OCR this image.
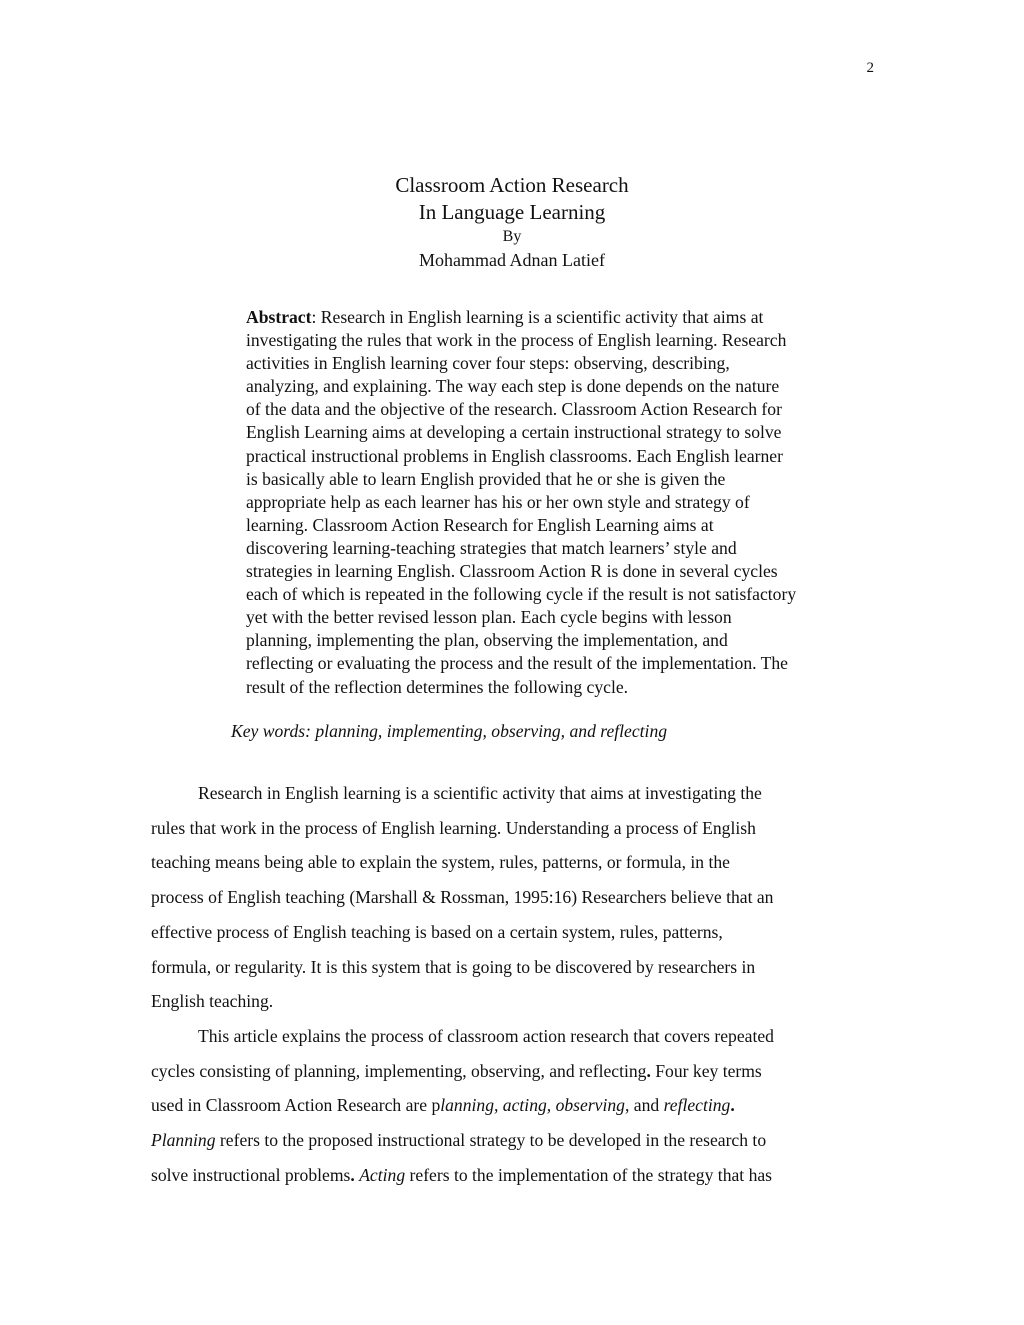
2
Classroom Action Research
In Language Learning
By
Mohammad Adnan Latief
Abstract: Research in English learning is a scientific activity that aims at
investigating the rules that work in the process of English learning. Research
activities in English learning cover four steps: observing, describing,
analyzing, and explaining. The way each step is done depends on the nature
of the data and the objective of the research. Classroom Action Research for
English Learning aims at developing a certain instructional strategy to solve
practical instructional problems in English classrooms. Each English learner
is basically able to learn English provided that he or she is given the
appropriate help as each learner has his or her own style and strategy of
learning. Classroom Action Research for English Learning aims at
discovering learning-teaching strategies that match learners’ style and
strategies in learning English. Classroom Action R is done in several cycles
each of which is repeated in the following cycle if the result is not satisfactory
yet with the better revised lesson plan. Each cycle begins with lesson
planning, implementing the plan, observing the implementation, and
reflecting or evaluating the process and the result of the implementation. The
result of the reflection determines the following cycle.
Key words: planning, implementing, observing, and reflecting
Research in English learning is a scientific activity that aims at investigating the
rules that work in the process of English learning. Understanding a process of English
teaching means being able to explain the system, rules, patterns, or formula, in the
process of English teaching (Marshall & Rossman, 1995:16) Researchers believe that an
effective process of English teaching is based on a certain system, rules, patterns,
formula, or regularity. It is this system that is going to be discovered by researchers in
English teaching.
This article explains the process of classroom action research that covers repeated
cycles consisting of planning, implementing, observing, and reflecting. Four key terms
used in Classroom Action Research are planning, acting, observing, and reflecting.
Planning refers to the proposed instructional strategy to be developed in the research to
solve instructional problems. Acting refers to the implementation of the strategy that has
